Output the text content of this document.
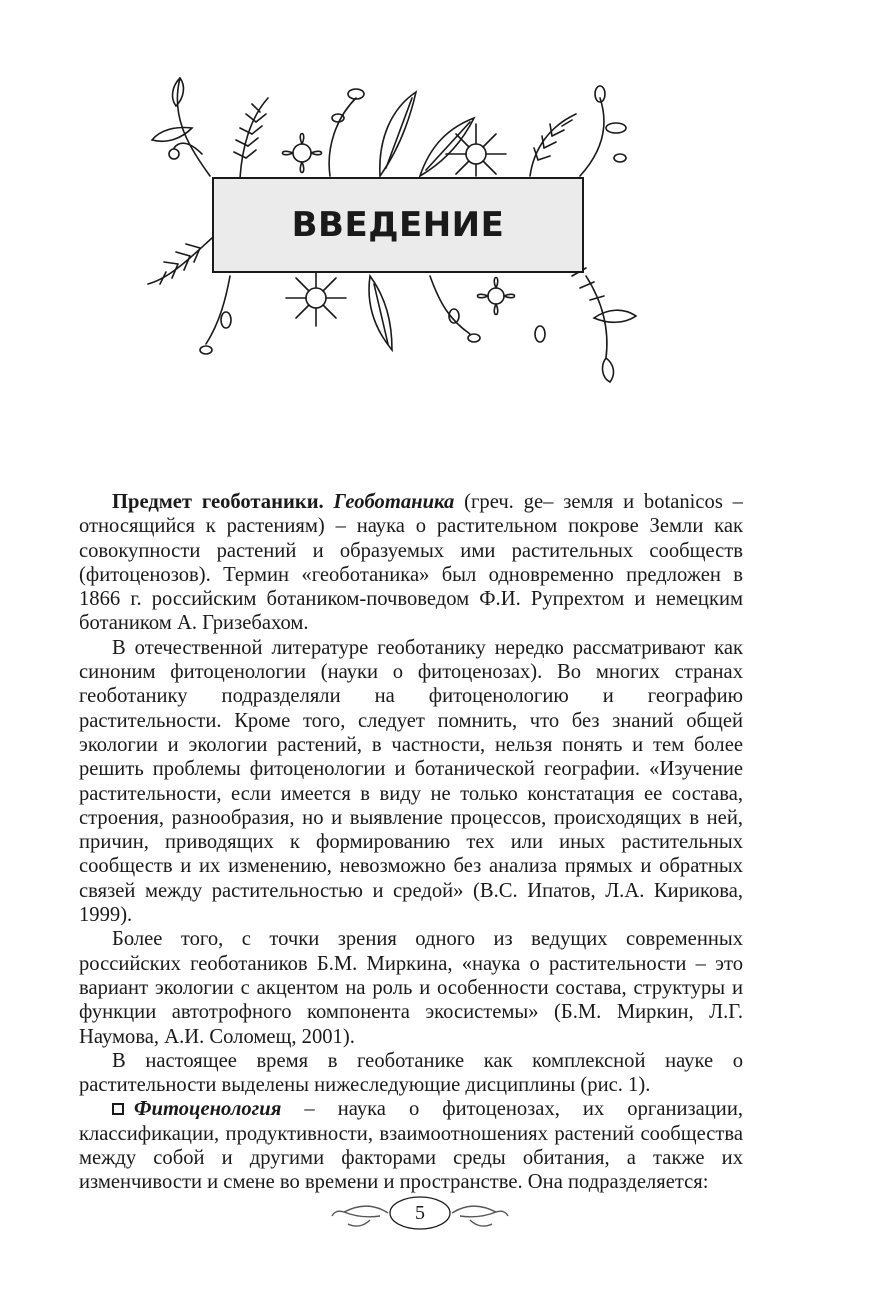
ВВЕДЕНИЕ

Предмет геоботаники. Геоботаника (греч. ge– земля и botanicos – относящийся к растениям) – наука о растительном покрове Земли как совокупности растений и образуемых ими растительных сообществ (фитоценозов). Термин «геоботаника» был одновременно предложен в 1866 г. российским ботаником-почвоведом Ф.И. Рупрехтом и немецким ботаником А. Гризебахом.

В отечественной литературе геоботанику нередко рассматривают как синоним фитоценологии (науки о фитоценозах). Во многих странах геоботанику подразделяли на фитоценологию и географию растительности. Кроме того, следует помнить, что без знаний общей экологии и экологии растений, в частности, нельзя понять и тем более решить проблемы фитоценологии и ботанической географии. «Изучение растительности, если имеется в виду не только констатация ее состава, строения, разнообразия, но и выявление процессов, происходящих в ней, причин, приводящих к формированию тех или иных растительных сообществ и их изменению, невозможно без анализа прямых и обратных связей между растительностью и средой» (В.С. Ипатов, Л.А. Кирикова, 1999).

Более того, с точки зрения одного из ведущих современных российских геоботаников Б.М. Миркина, «наука о растительности – это вариант экологии с акцентом на роль и особенности состава, структуры и функции автотрофного компонента экосистемы» (Б.М. Миркин, Л.Г. Наумова, А.И. Соломещ, 2001).

В настоящее время в геоботанике как комплексной науке о растительности выделены нижеследующие дисциплины (рис. 1).

Фитоценология – наука о фитоценозах, их организации, классификации, продуктивности, взаимоотношениях растений сообщества между собой и другими факторами среды обитания, а также их изменчивости и смене во времени и пространстве. Она подразделяется:

5
